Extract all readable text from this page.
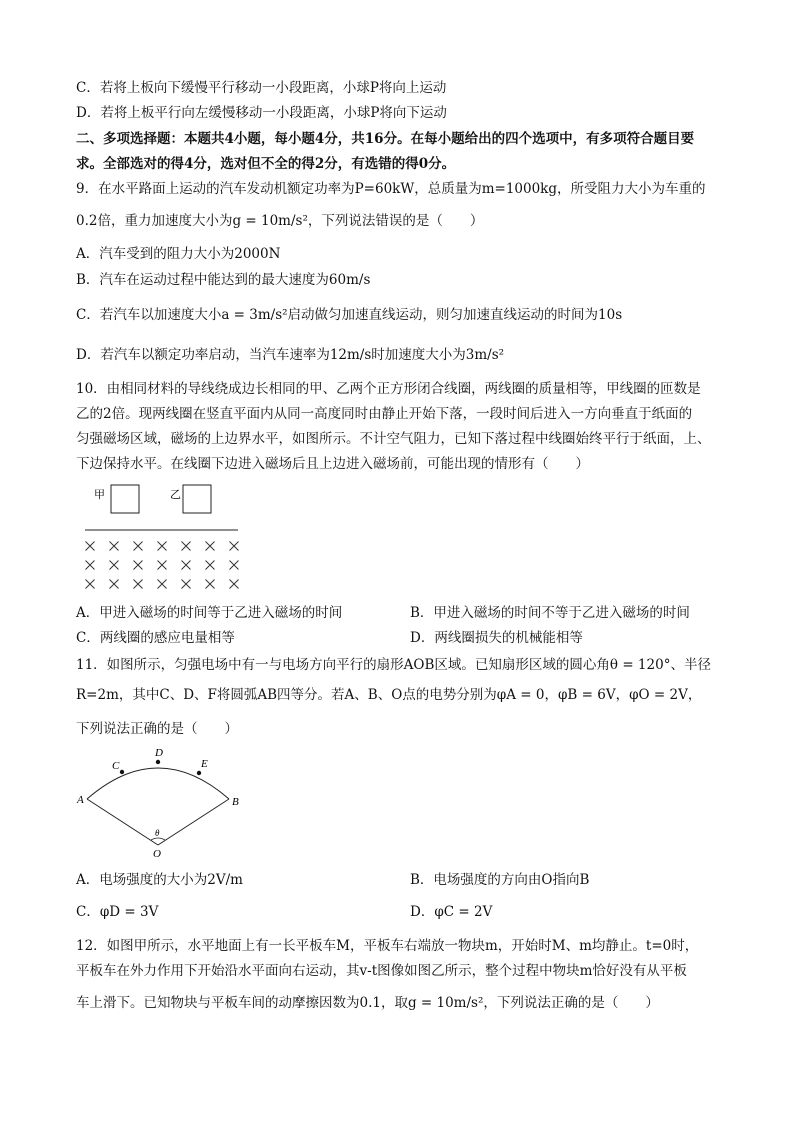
C．若将上板向下缓慢平行移动一小段距离，小球P将向上运动
D．若将上板平行向左缓慢移动一小段距离，小球P将向下运动
二、多项选择题：本题共4小题，每小题4分，共16分。在每小题给出的四个选项中，有多项符合题目要
求。全部选对的得4分，选对但不全的得2分，有选错的得0分。
9．在水平路面上运动的汽车发动机额定功率为P=60kW，总质量为m=1000kg，所受阻力大小为车重的
0.2倍，重力加速度大小为g = 10m/s²，下列说法错误的是（　　）
A．汽车受到的阻力大小为2000N
B．汽车在运动过程中能达到的最大速度为60m/s
C．若汽车以加速度大小a = 3m/s²启动做匀加速直线运动，则匀加速直线运动的时间为10s
D．若汽车以额定功率启动，当汽车速率为12m/s时加速度大小为3m/s²
10．由相同材料的导线绕成边长相同的甲、乙两个正方形闭合线圈，两线圈的质量相等，甲线圈的匝数是
乙的2倍。现两线圈在竖直平面内从同一高度同时由静止开始下落，一段时间后进入一方向垂直于纸面的
匀强磁场区域，磁场的上边界水平，如图所示。不计空气阻力，已知下落过程中线圈始终平行于纸面，上、
下边保持水平。在线圈下边进入磁场后且上边进入磁场前，可能出现的情形有（　　）
甲	乙
A．甲进入磁场的时间等于乙进入磁场的时间	B．甲进入磁场的时间不等于乙进入磁场的时间
C．两线圈的感应电量相等	D．两线圈损失的机械能相等
11．如图所示，匀强电场中有一与电场方向平行的扇形AOB区域。已知扇形区域的圆心角θ = 120°、半径
R=2m，其中C、D、F将圆弧AB四等分。若A、B、O点的电势分别为φA = 0，φB = 6V，φO = 2V，
下列说法正确的是（　　）
A	B
C
D
E
θ
O
A．电场强度的大小为2V/m	B．电场强度的方向由O指向B
C．φD = 3V	D．φC = 2V
12．如图甲所示，水平地面上有一长平板车M，平板车右端放一物块m，开始时M、m均静止。t=0时，
平板车在外力作用下开始沿水平面向右运动，其v-t图像如图乙所示，整个过程中物块m恰好没有从平板
车上滑下。已知物块与平板车间的动摩擦因数为0.1，取g = 10m/s²，下列说法正确的是（　　）
